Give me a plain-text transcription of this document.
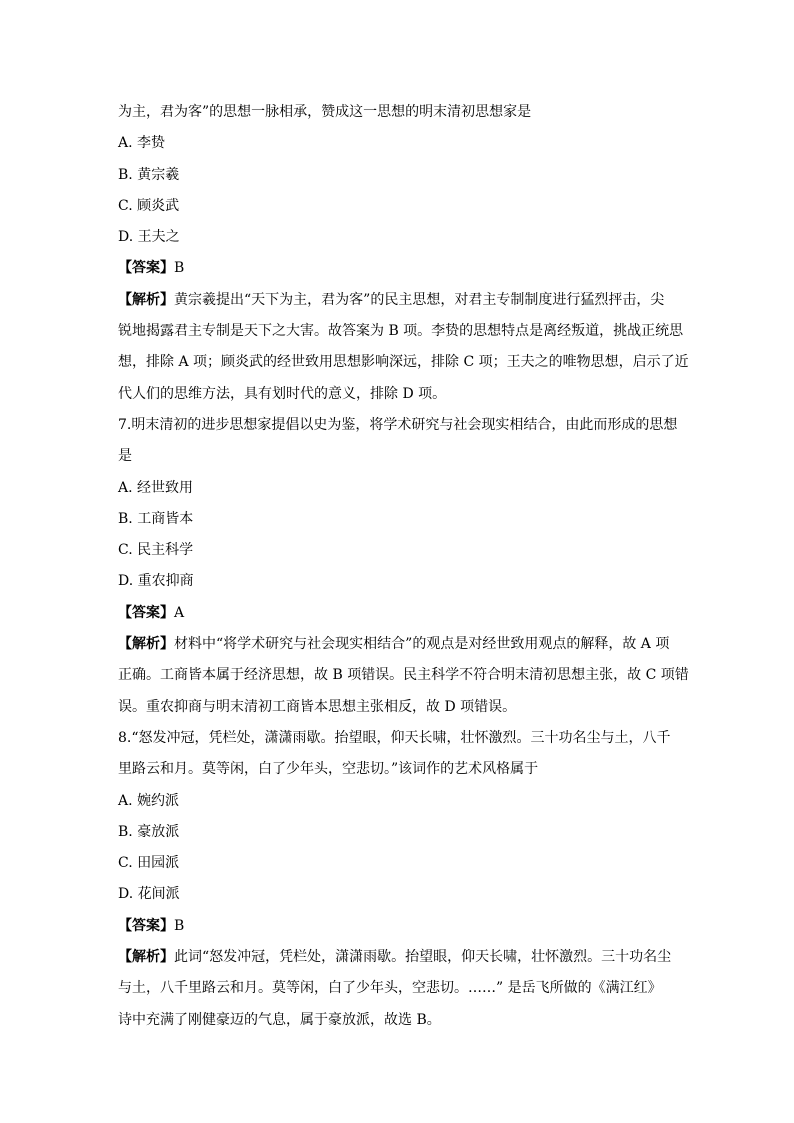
为主，君为客”的思想一脉相承，赞成这一思想的明末清初思想家是
A. 李贽
B. 黄宗羲
C. 顾炎武
D. 王夫之
【答案】B
【解析】黄宗羲提出“天下为主，君为客”的民主思想，对君主专制制度进行猛烈抨击，尖
锐地揭露君主专制是天下之大害。故答案为 B 项。李贽的思想特点是离经叛道，挑战正统思
想，排除 A 项；顾炎武的经世致用思想影响深远，排除 C 项；王夫之的唯物思想，启示了近
代人们的思维方法，具有划时代的意义，排除 D 项。
7.明末清初的进步思想家提倡以史为鉴，将学术研究与社会现实相结合，由此而形成的思想
是
A. 经世致用
B. 工商皆本
C. 民主科学
D. 重农抑商
【答案】A
【解析】材料中“将学术研究与社会现实相结合”的观点是对经世致用观点的解释，故 A 项
正确。工商皆本属于经济思想，故 B 项错误。民主科学不符合明末清初思想主张，故 C 项错
误。重农抑商与明末清初工商皆本思想主张相反，故 D 项错误。
8.“怒发冲冠，凭栏处，潇潇雨歇。抬望眼，仰天长啸，壮怀激烈。三十功名尘与土，八千
里路云和月。莫等闲，白了少年头，空悲切。”该词作的艺术风格属于
A. 婉约派
B. 豪放派
C. 田园派
D. 花间派
【答案】B
【解析】此词“怒发冲冠，凭栏处，潇潇雨歇。抬望眼，仰天长啸，壮怀激烈。三十功名尘
与土，八千里路云和月。莫等闲，白了少年头，空悲切。……” 是岳飞所做的《满江红》
诗中充满了刚健豪迈的气息，属于豪放派，故选 B。
